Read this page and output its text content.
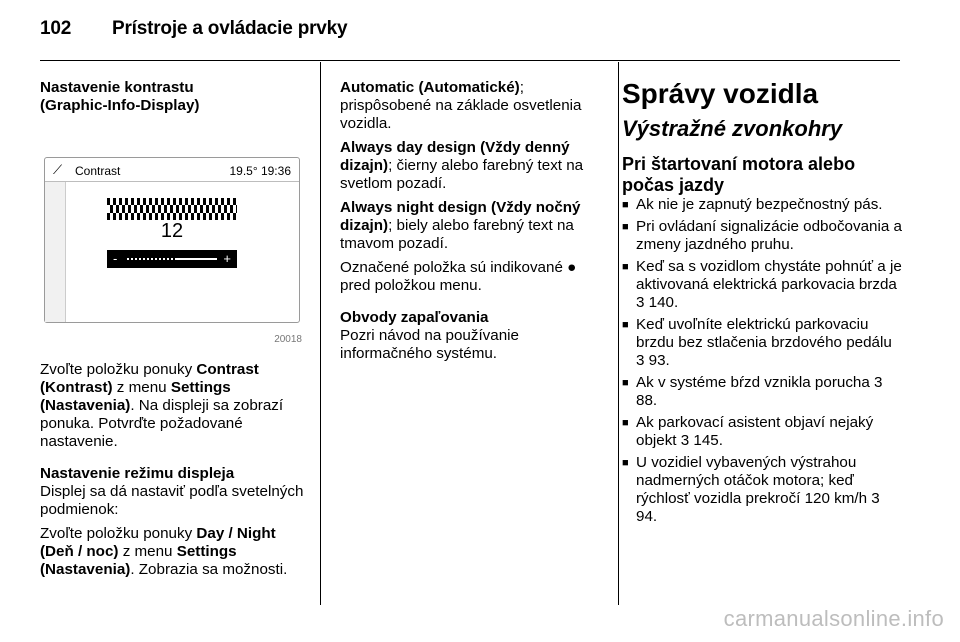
102 Prístroje a ovládacie prvky

Nastavenie kontrastu

(Graphic-Info-Display)

⟋ Contrast	19.5° 19:36
12
-	+
20018

Zvoľte položku ponuky Contrast (Kontrast) z menu Settings (Nastavenia). Na displeji sa zobrazí ponuka. Potvrďte požadované nastavenie.

Nastavenie režimu displeja

Displej sa dá nastaviť podľa svetelných podmienok:

Zvoľte položku ponuky Day / Night (Deň / noc) z menu Settings (Nastavenia). Zobrazia sa možnosti.

Automatic (Automatické);
prispôsobené na základe osvetlenia vozidla.

Always day design (Vždy denný dizajn); čierny alebo farebný text na svetlom pozadí.

Always night design (Vždy nočný dizajn); biely alebo farebný text na tmavom pozadí.

Označené položka sú indikované ● pred položkou menu.

Obvody zapaľovania

Pozri návod na používanie informačného systému.

Správy vozidla
Výstražné zvonkohry
Pri štartovaní motora alebo počas jazdy
■ Ak nie je zapnutý bezpečnostný pás.
■ Pri ovládaní signalizácie odbočovania a zmeny jazdného pruhu.
■ Keď sa s vozidlom chystáte pohnúť a je aktivovaná elektrická parkovacia brzda 3 140.
■ Keď uvoľníte elektrickú parkovaciu brzdu bez stlačenia brzdového pedálu 3 93.
■ Ak v systéme bŕzd vznikla porucha 3 88.
■ Ak parkovací asistent objaví nejaký objekt 3 145.
■ U vozidiel vybavených výstrahou nadmerných otáčok motora; keď rýchlosť vozidla prekročí 120 km/h 3 94.
carmanualsonline.info
